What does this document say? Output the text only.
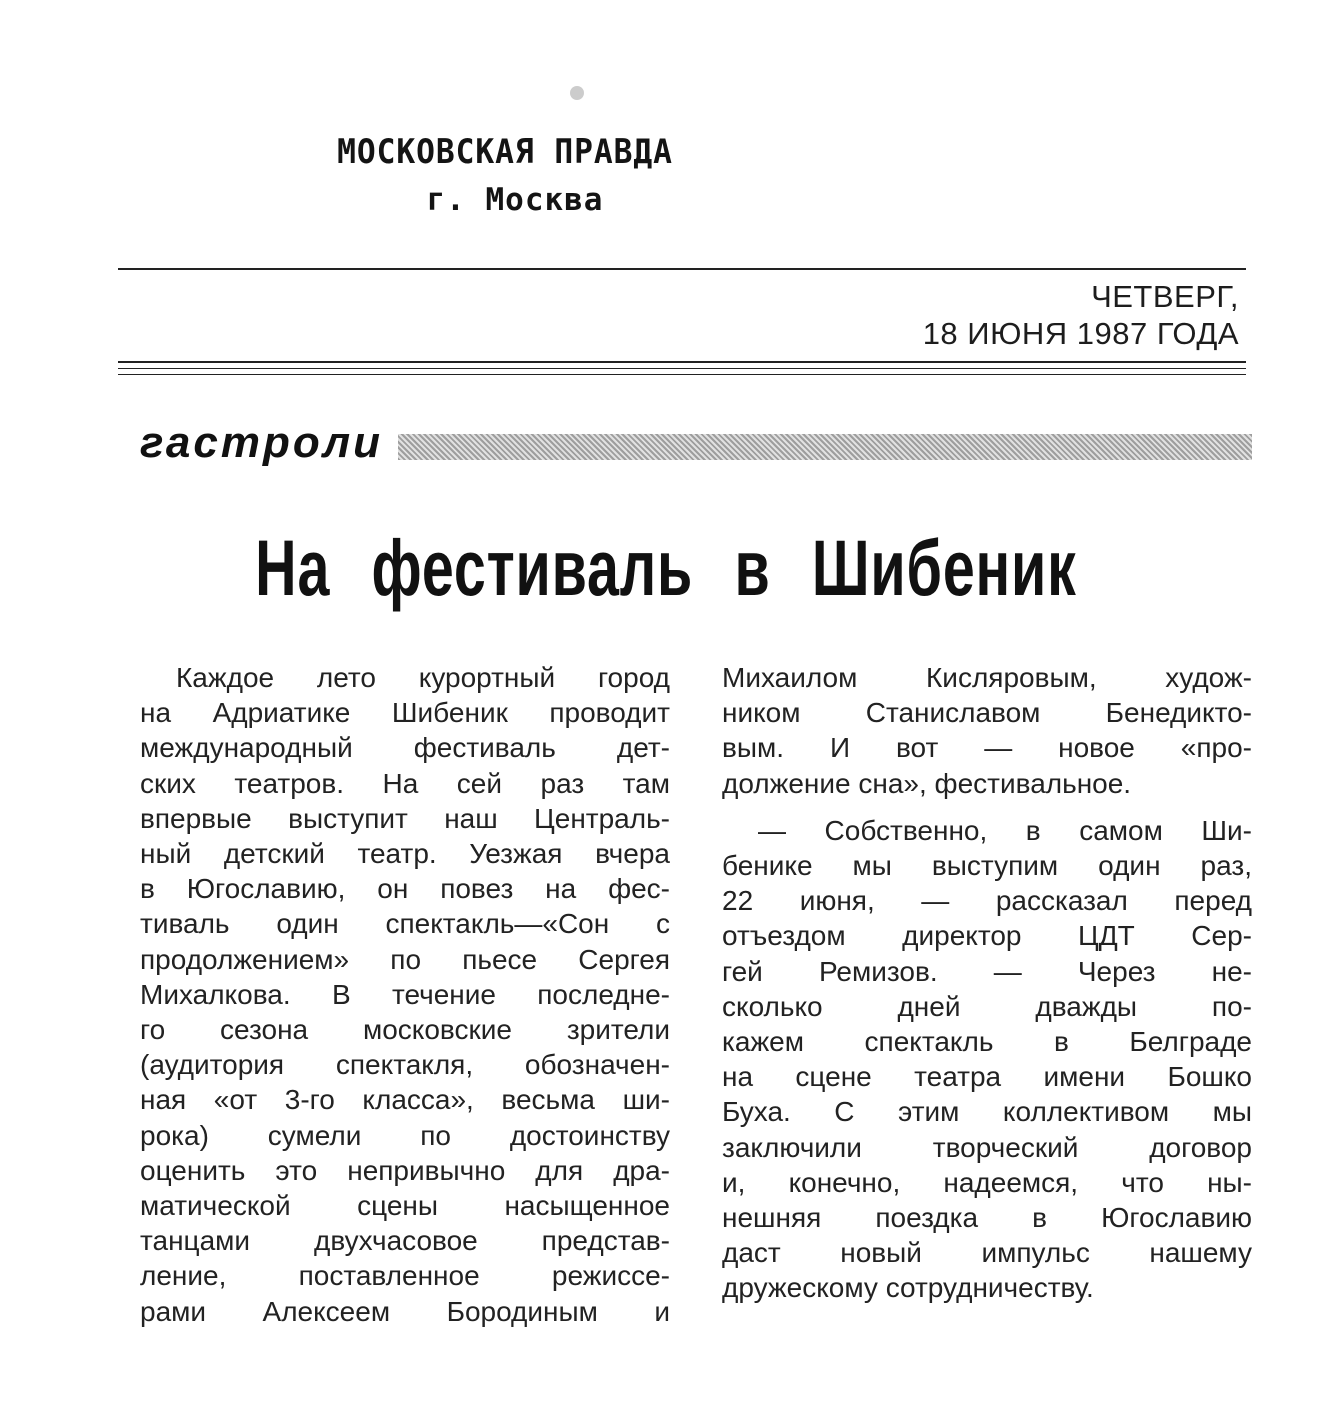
МОСКОВСКАЯ ПРАВДА
г. Москва
ЧЕТВЕРГ,
18 ИЮНЯ 1987 ГОДА
гастроли
На фестиваль в Шибеник

Каждое лето курортный город
на Адриатике Шибеник проводит
международный фестиваль дет-
ских театров. На сей раз там
впервые выступит наш Централь-
ный детский театр. Уезжая вчера
в Югославию, он повез на фес-
тиваль один спектакль—«Сон с
продолжением» по пьесе Сергея
Михалкова. В течение последне-
го сезона московские зрители
(аудитория спектакля, обозначен-
ная «от 3-го класса», весьма ши-
рока) сумели по достоинству
оценить это непривычно для дра-
матической сцены насыщенное
танцами двухчасовое представ-
ление, поставленное режиссе-
рами Алексеем Бородиным и

Михаилом Кисляровым, худож-
ником Станиславом Бенедикто-
вым. И вот — новое «про-
должение сна», фестивальное.

— Собственно, в самом Ши-
бенике мы выступим один раз,
22 июня, — рассказал перед
отъездом директор ЦДТ Сер-
гей Ремизов. — Через не-
сколько дней дважды по-
кажем спектакль в Белграде
на сцене театра имени Бошко
Буха. С этим коллективом мы
заключили творческий договор
и, конечно, надеемся, что ны-
нешняя поездка в Югославию
даст новый импульс нашему
дружескому сотрудничеству.
